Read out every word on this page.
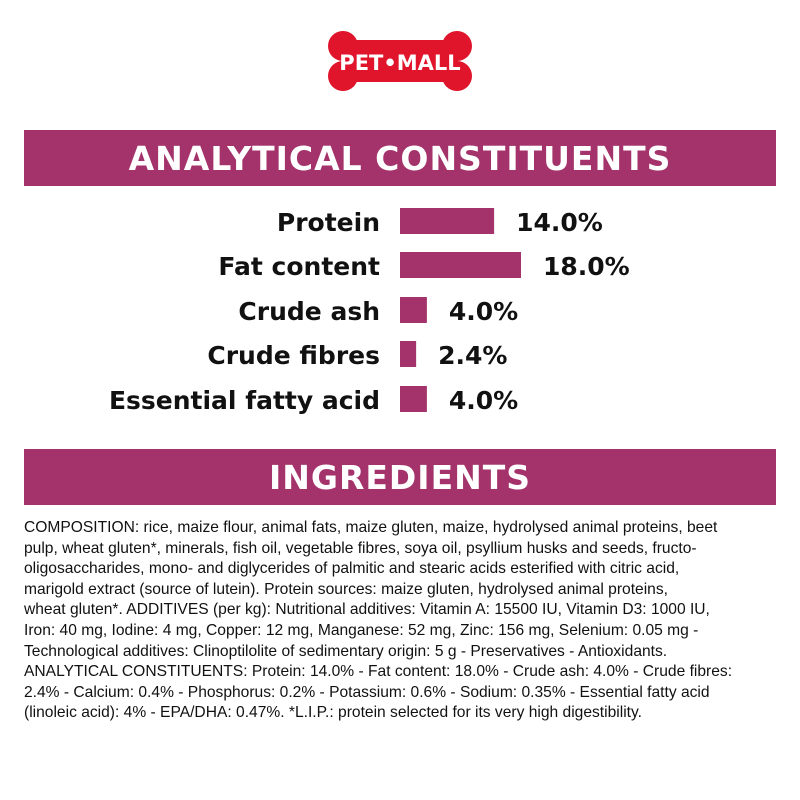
PET•MALL
ANALYTICAL CONSTITUENTS
Protein	14.0%
Fat content	18.0%
Crude ash	4.0%
Crude fibres 2.4%
Essential fatty acid	4.0%
INGREDIENTS
COMPOSITION: rice, maize flour, animal fats, maize gluten, maize, hydrolysed animal proteins, beet
pulp, wheat gluten*, minerals, fish oil, vegetable fibres, soya oil, psyllium husks and seeds, fructo-
oligosaccharides, mono- and diglycerides of palmitic and stearic acids esterified with citric acid,
marigold extract (source of lutein). Protein sources: maize gluten, hydrolysed animal proteins,
wheat gluten*. ADDITIVES (per kg): Nutritional additives: Vitamin A: 15500 IU, Vitamin D3: 1000 IU,
Iron: 40 mg, Iodine: 4 mg, Copper: 12 mg, Manganese: 52 mg, Zinc: 156 mg, Selenium: 0.05 mg -
Technological additives: Clinoptilolite of sedimentary origin: 5 g - Preservatives - Antioxidants.
ANALYTICAL CONSTITUENTS: Protein: 14.0% - Fat content: 18.0% - Crude ash: 4.0% - Crude fibres:
2.4% - Calcium: 0.4% - Phosphorus: 0.2% - Potassium: 0.6% - Sodium: 0.35% - Essential fatty acid
(linoleic acid): 4% - EPA/DHA: 0.47%. *L.I.P.: protein selected for its very high digestibility.
